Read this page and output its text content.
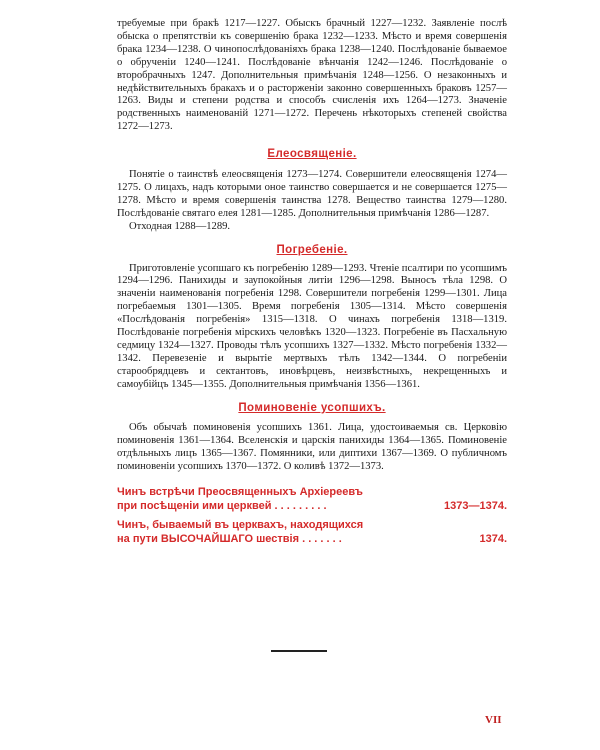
требуемые при бракѣ 1217—1227. Обыскъ брачный 1227—1232. Заявленіе послѣ обыска о препятствіи къ совершенію брака 1232—1233. Мѣсто и время совершенія брака 1234—1238. О чинопослѣдованіяхъ брака 1238—1240. Послѣдованіе бываемое о обрученіи 1240—1241. Послѣдованіе вѣнчанія 1242—1246. Послѣдованіе о второбрачныхъ 1247. Дополнительныя примѣчанія 1248—1256. О незаконныхъ и недѣйствительныхъ бракахъ и о расторженіи законно совершенныхъ браковъ 1257—1263. Виды и степени родства и способъ счисленія ихъ 1264—1273. Значеніе родственныхъ наименованій 1271—1272. Перечень нѣкоторыхъ степеней свойства 1272—1273.

Елеосвященіе.

Понятіе о таинствѣ елеосвященія 1273—1274. Совершители елеосвященія 1274—1275. О лицахъ, надъ которыми оное таинство совершается и не совершается 1275—1278. Мѣсто и время совершенія таинства 1278. Вещество таинства 1279—1280. Послѣдованіе святаго елея 1281—1285. Дополнительныя примѣчанія 1286—1287.

Отходная 1288—1289.

Погребеніе.

Приготовленіе усопшаго къ погребенію 1289—1293. Чтеніе псалтири по усопшимъ 1294—1296. Панихиды и заупокойныя литіи 1296—1298. Выносъ тѣла 1298. О значеніи наименованія погребенія 1298. Совершители погребенія 1299—1301. Лица погребаемыя 1301—1305. Время погребенія 1305—1314. Мѣсто совершенія «Послѣдованія погребенія» 1315—1318. О чинахъ погребенія 1318—1319. Послѣдованіе погребенія мірскихъ человѣкъ 1320—1323. Погребеніе въ Пасхальную седмицу 1324—1327. Проводы тѣлъ усопшихъ 1327—1332. Мѣсто погребенія 1332—1342. Перевезеніе и вырытіе мертвыхъ тѣлъ 1342—1344. О погребеніи старообрядцевъ и сектантовъ, иновѣрцевъ, неизвѣстныхъ, некрещенныхъ и самоубійцъ 1345—1355. Дополнительныя примѣчанія 1356—1361.

Поминовеніе усопшихъ.

Объ обычаѣ поминовенія усопшихъ 1361. Лица, удостоиваемыя св. Церковію поминовенія 1361—1364. Вселенскія и царскія панихиды 1364—1365. Поминовеніе отдѣльныхъ лицъ 1365—1367. Помянники, или диптихи 1367—1369. О публичномъ поминовеніи усопшихъ 1370—1372. О коливѣ 1372—1373.

Чинъ встрѣчи Преосвященныхъ Архіереевъ
при посѣщеніи ими церквей . . . . . . . . .	1373—1374.
Чинъ, бываемый въ церквахъ, находящихся
на пути ВЫСОЧАЙШАГО шествія . . . . . . .	1374.
VII
